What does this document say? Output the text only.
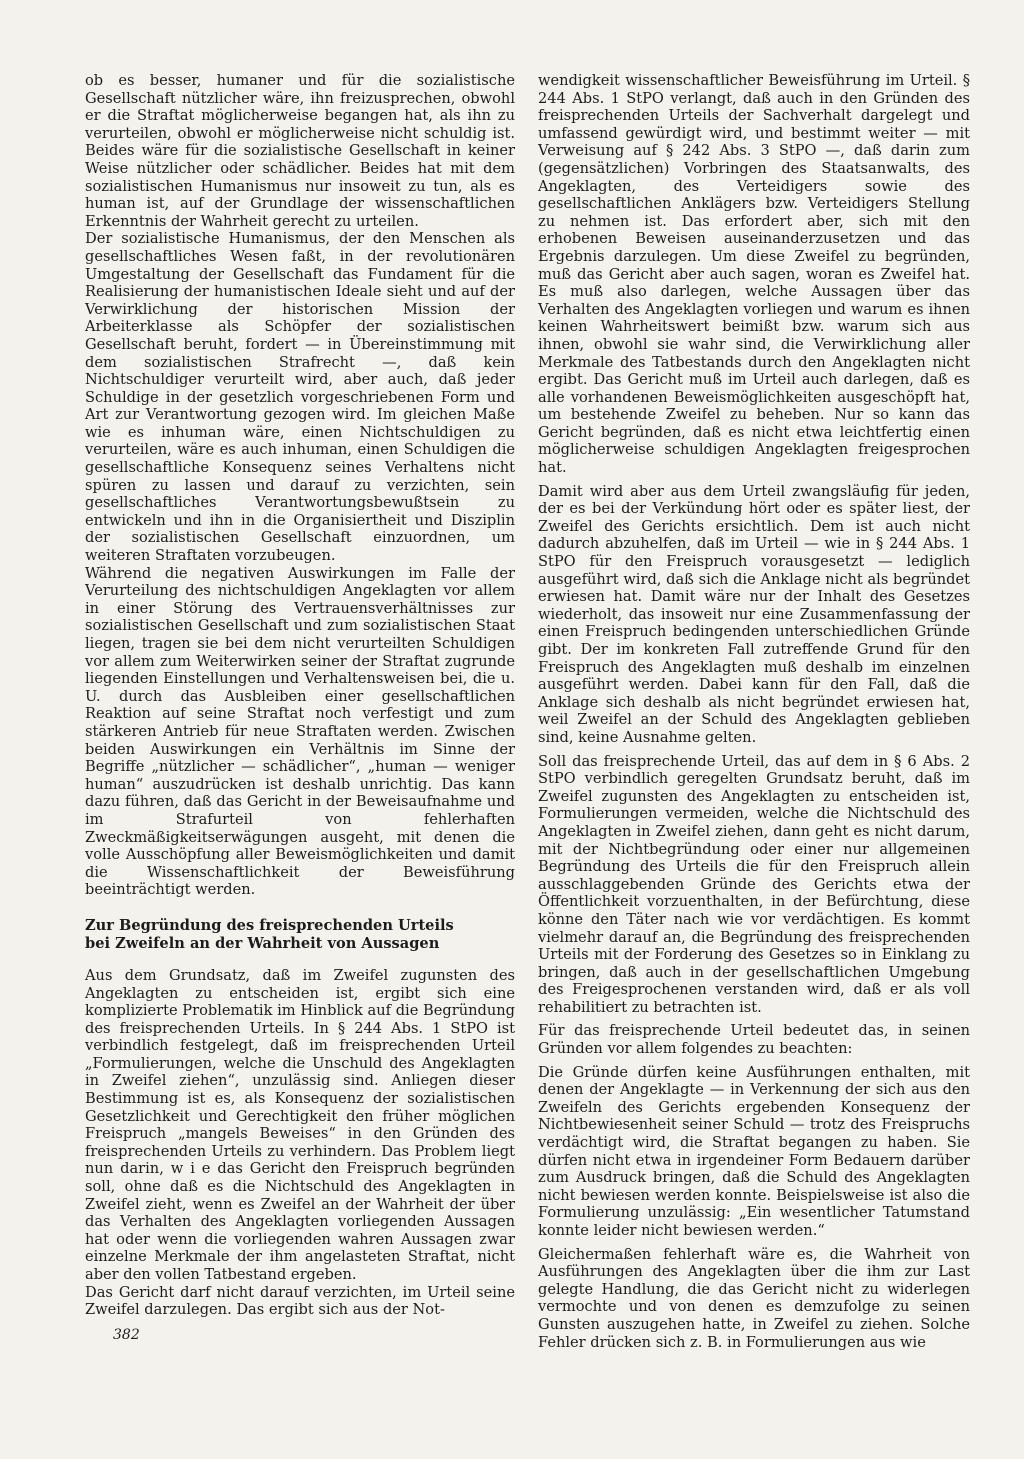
ob es besser, humaner und für die sozialistische Gesellschaft nützlicher wäre, ihn freizusprechen, obwohl er die Straftat möglicherweise begangen hat, als ihn zu verurteilen, obwohl er möglicherweise nicht schuldig ist. Beides wäre für die sozialistische Gesellschaft in keiner Weise nützlicher oder schädlicher. Beides hat mit dem sozialistischen Humanismus nur insoweit zu tun, als es human ist, auf der Grundlage der wissenschaftlichen Erkenntnis der Wahrheit gerecht zu urteilen.

Der sozialistische Humanismus, der den Menschen als gesellschaftliches Wesen faßt, in der revolutionären Umgestaltung der Gesellschaft das Fundament für die Realisierung der humanistischen Ideale sieht und auf der Verwirklichung der historischen Mission der Arbeiterklasse als Schöpfer der sozialistischen Gesellschaft beruht, fordert — in Übereinstimmung mit dem sozialistischen Strafrecht —, daß kein Nichtschuldiger verurteilt wird, aber auch, daß jeder Schuldige in der gesetzlich vorgeschriebenen Form und Art zur Verantwortung gezogen wird. Im gleichen Maße wie es inhuman wäre, einen Nichtschuldigen zu verurteilen, wäre es auch inhuman, einen Schuldigen die gesellschaftliche Konsequenz seines Verhaltens nicht spüren zu lassen und darauf zu verzichten, sein gesellschaftliches Verantwortungsbewußtsein zu entwickeln und ihn in die Organisiertheit und Disziplin der sozialistischen Gesellschaft einzuordnen, um weiteren Straftaten vorzubeugen.

Während die negativen Auswirkungen im Falle der Verurteilung des nichtschuldigen Angeklagten vor allem in einer Störung des Vertrauensverhältnisses zur sozialistischen Gesellschaft und zum sozialistischen Staat liegen, tragen sie bei dem nicht verurteilten Schuldigen vor allem zum Weiterwirken seiner der Straftat zugrunde liegenden Einstellungen und Verhaltensweisen bei, die u. U. durch das Ausbleiben einer gesellschaftlichen Reaktion auf seine Straftat noch verfestigt und zum stärkeren Antrieb für neue Straftaten werden. Zwischen beiden Auswirkungen ein Verhältnis im Sinne der Begriffe „nützlicher — schädlicher“, „human — weniger human“ auszudrücken ist deshalb unrichtig. Das kann dazu führen, daß das Gericht in der Beweisaufnahme und im Strafurteil von fehlerhaften Zweckmäßigkeitserwägungen ausgeht, mit denen die volle Ausschöpfung aller Beweismöglichkeiten und damit die Wissenschaftlichkeit der Beweisführung beeinträchtigt werden.

Zur Begründung des freisprechenden Urteils
bei Zweifeln an der Wahrheit von Aussagen

Aus dem Grundsatz, daß im Zweifel zugunsten des Angeklagten zu entscheiden ist, ergibt sich eine komplizierte Problematik im Hinblick auf die Begründung des freisprechenden Urteils. In § 244 Abs. 1 StPO ist verbindlich festgelegt, daß im freisprechenden Urteil „Formulierungen, welche die Unschuld des Angeklagten in Zweifel ziehen“, unzulässig sind. Anliegen dieser Bestimmung ist es, als Konsequenz der sozialistischen Gesetzlichkeit und Gerechtigkeit den früher möglichen Freispruch „mangels Beweises“ in den Gründen des freisprechenden Urteils zu verhindern. Das Problem liegt nun darin, w i e das Gericht den Freispruch begründen soll, ohne daß es die Nichtschuld des Angeklagten in Zweifel zieht, wenn es Zweifel an der Wahrheit der über das Verhalten des Angeklagten vorliegenden Aussagen hat oder wenn die vorliegenden wahren Aussagen zwar einzelne Merkmale der ihm angelasteten Straftat, nicht aber den vollen Tatbestand ergeben.

Das Gericht darf nicht darauf verzichten, im Urteil seine Zweifel darzulegen. Das ergibt sich aus der Not-

wendigkeit wissenschaftlicher Beweisführung im Urteil. § 244 Abs. 1 StPO verlangt, daß auch in den Gründen des freisprechenden Urteils der Sachverhalt dargelegt und umfassend gewürdigt wird, und bestimmt weiter — mit Verweisung auf § 242 Abs. 3 StPO —, daß darin zum (gegensätzlichen) Vorbringen des Staatsanwalts, des Angeklagten, des Verteidigers sowie des gesellschaftlichen Anklägers bzw. Verteidigers Stellung zu nehmen ist. Das erfordert aber, sich mit den erhobenen Beweisen auseinanderzusetzen und das Ergebnis darzulegen. Um diese Zweifel zu begründen, muß das Gericht aber auch sagen, woran es Zweifel hat. Es muß also darlegen, welche Aussagen über das Verhalten des Angeklagten vorliegen und warum es ihnen keinen Wahrheitswert beimißt bzw. warum sich aus ihnen, obwohl sie wahr sind, die Verwirklichung aller Merkmale des Tatbestands durch den Angeklagten nicht ergibt. Das Gericht muß im Urteil auch darlegen, daß es alle vorhandenen Beweismöglichkeiten ausgeschöpft hat, um bestehende Zweifel zu beheben. Nur so kann das Gericht begründen, daß es nicht etwa leichtfertig einen möglicherweise schuldigen Angeklagten freigesprochen hat.

Damit wird aber aus dem Urteil zwangsläufig für jeden, der es bei der Verkündung hört oder es später liest, der Zweifel des Gerichts ersichtlich. Dem ist auch nicht dadurch abzuhelfen, daß im Urteil — wie in § 244 Abs. 1 StPO für den Freispruch vorausgesetzt — lediglich ausgeführt wird, daß sich die Anklage nicht als begründet erwiesen hat. Damit wäre nur der Inhalt des Gesetzes wiederholt, das insoweit nur eine Zusammenfassung der einen Freispruch bedingenden unterschiedlichen Gründe gibt. Der im konkreten Fall zutreffende Grund für den Freispruch des Angeklagten muß deshalb im einzelnen ausgeführt werden. Dabei kann für den Fall, daß die Anklage sich deshalb als nicht begründet erwiesen hat, weil Zweifel an der Schuld des Angeklagten geblieben sind, keine Ausnahme gelten.

Soll das freisprechende Urteil, das auf dem in § 6 Abs. 2 StPO verbindlich geregelten Grundsatz beruht, daß im Zweifel zugunsten des Angeklagten zu entscheiden ist, Formulierungen vermeiden, welche die Nichtschuld des Angeklagten in Zweifel ziehen, dann geht es nicht darum, mit der Nichtbegründung oder einer nur allgemeinen Begründung des Urteils die für den Freispruch allein ausschlaggebenden Gründe des Gerichts etwa der Öffentlichkeit vorzuenthalten, in der Befürchtung, diese könne den Täter nach wie vor verdächtigen. Es kommt vielmehr darauf an, die Begründung des freisprechenden Urteils mit der Forderung des Gesetzes so in Einklang zu bringen, daß auch in der gesellschaftlichen Umgebung des Freigesprochenen verstanden wird, daß er als voll rehabilitiert zu betrachten ist.

Für das freisprechende Urteil bedeutet das, in seinen Gründen vor allem folgendes zu beachten:

Die Gründe dürfen keine Ausführungen enthalten, mit denen der Angeklagte — in Verkennung der sich aus den Zweifeln des Gerichts ergebenden Konsequenz der Nichtbewiesenheit seiner Schuld — trotz des Freispruchs verdächtigt wird, die Straftat begangen zu haben. Sie dürfen nicht etwa in irgendeiner Form Bedauern darüber zum Ausdruck bringen, daß die Schuld des Angeklagten nicht bewiesen werden konnte. Beispielsweise ist also die Formulierung unzulässig: „Ein wesentlicher Tatumstand konnte leider nicht bewiesen werden.“

Gleichermaßen fehlerhaft wäre es, die Wahrheit von Ausführungen des Angeklagten über die ihm zur Last gelegte Handlung, die das Gericht nicht zu widerlegen vermochte und von denen es demzufolge zu seinen Gunsten auszugehen hatte, in Zweifel zu ziehen. Solche Fehler drücken sich z. B. in Formulierungen aus wie

382
